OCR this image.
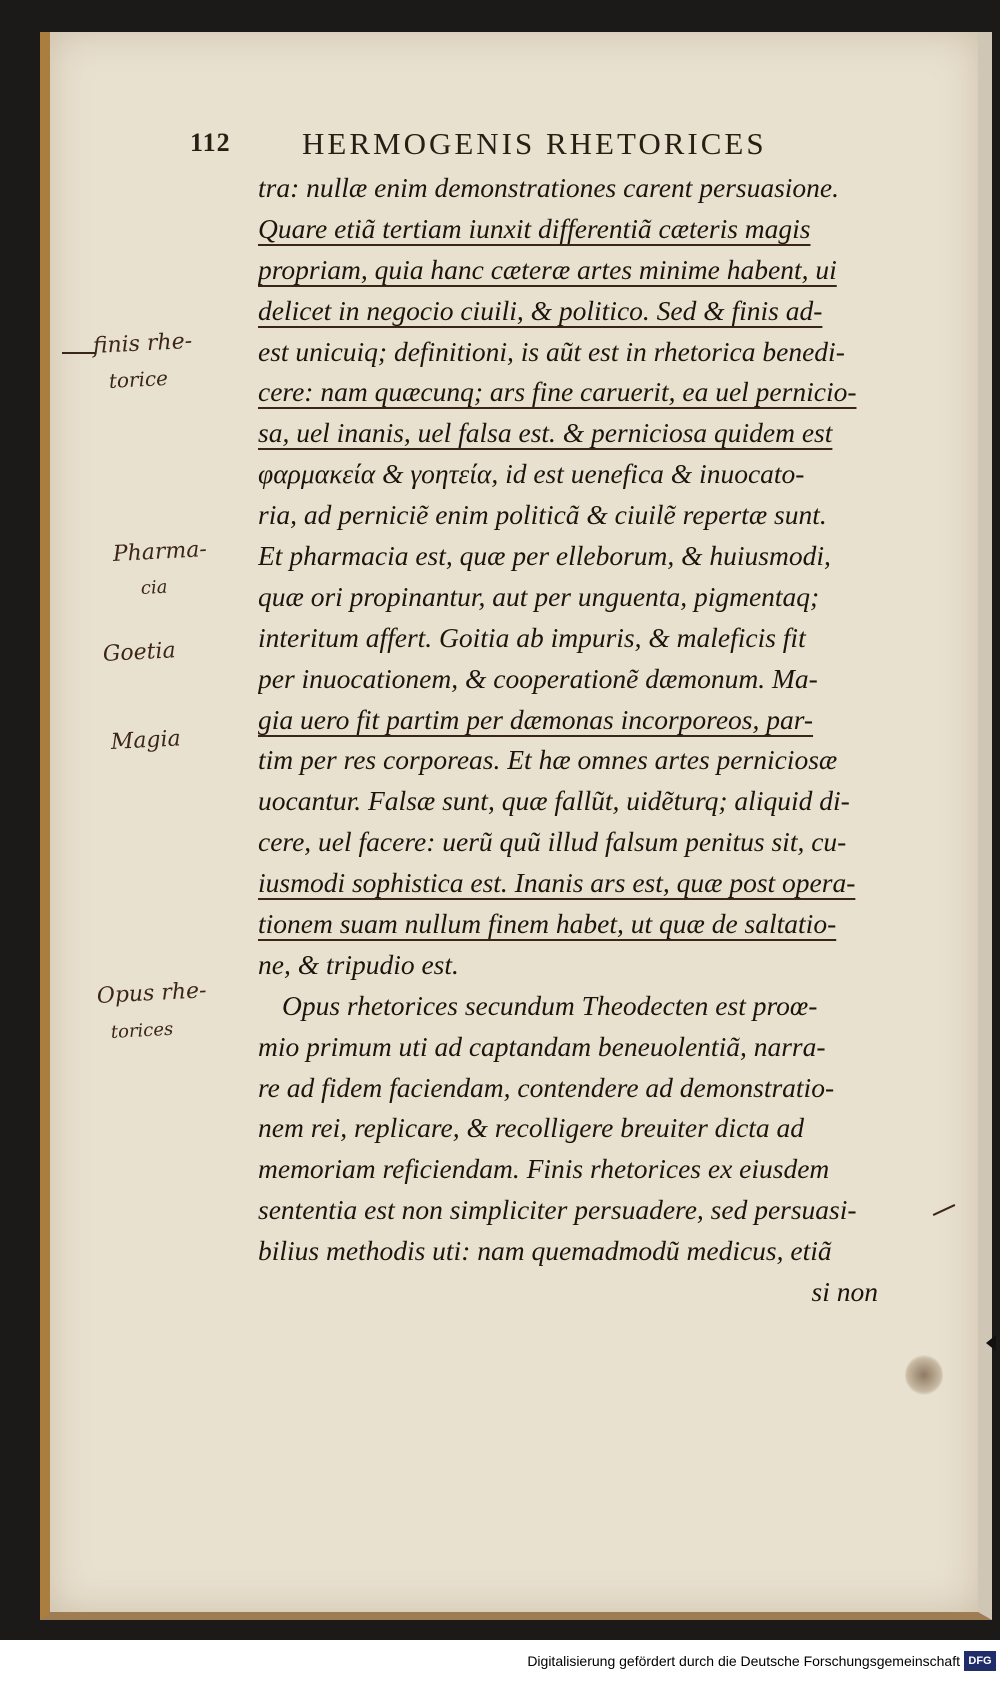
112 HERMOGENIS RHETORICES
tra: nullæ enim demonstrationes carent persuasione.
Quare etiã tertiam iunxit differentiã cæteris magis
propriam, quia hanc cæteræ artes minime habent, ui
delicet in negocio ciuili, & politico. Sed & finis ad-
est unicuiq; definitioni, is aũt est in rhetorica benedi-
cere: nam quæcunq; ars fine caruerit, ea uel pernicio-
sa, uel inanis, uel falsa est. & perniciosa quidem est
φαρμακεία & γοητεία, id est uenefica & inuocato-
ria, ad perniciẽ enim politicã & ciuilẽ repertæ sunt.
Et pharmacia est, quæ per elleborum, & huiusmodi,
quæ ori propinantur, aut per unguenta, pigmentaq;
interitum affert. Goitia ab impuris, & maleficis fit
per inuocationem, & cooperationẽ dæmonum. Ma-
gia uero fit partim per dæmonas incorporeos, par-
tim per res corporeas. Et hæ omnes artes perniciosæ
uocantur. Falsæ sunt, quæ fallũt, uidẽturq; aliquid di-
cere, uel facere: uerũ quũ illud falsum penitus sit, cu-
iusmodi sophistica est. Inanis ars est, quæ post opera-
tionem suam nullum finem habet, ut quæ de saltatio-
ne, & tripudio est.
Opus rhetorices secundum Theodecten est proœ-
mio primum uti ad captandam beneuolentiã, narra-
re ad fidem faciendam, contendere ad demonstratio-
nem rei, replicare, & recolligere breuiter dicta ad
memoriam reficiendam. Finis rhetorices ex eiusdem
sententia est non simpliciter persuadere, sed persuasi-
bilius methodis uti: nam quemadmodũ medicus, etiã
si non
finis rhe-
torice
Pharma-
cia
Goetia
Magia
Opus rhe-
torices
Digitalisierung gefördert durch die Deutsche Forschungsgemeinschaft DFG
